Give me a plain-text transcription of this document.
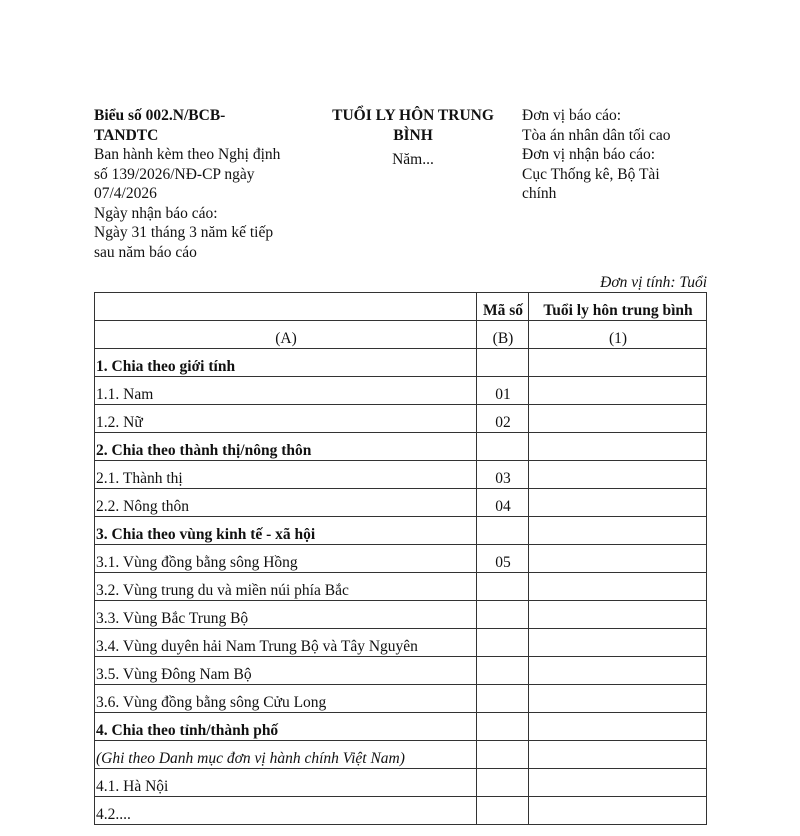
Biểu số 002.N/BCB-
TANDTC
Ban hành kèm theo Nghị định
số 139/2026/NĐ-CP ngày
07/4/2026
Ngày nhận báo cáo:
Ngày 31 tháng 3 năm kế tiếp
sau năm báo cáo
TUỔI LY HÔN TRUNG
BÌNH
Năm...
Đơn vị báo cáo:
Tòa án nhân dân tối cao
Đơn vị nhận báo cáo:
Cục Thống kê, Bộ Tài
chính
Đơn vị tính: Tuổi
	Mã số	Tuổi ly hôn trung bình
(A)	(B)	(1)
1. Chia theo giới tính		
1.1. Nam	01	
1.2. Nữ	02	
2. Chia theo thành thị/nông thôn		
2.1. Thành thị	03	
2.2. Nông thôn	04	
3. Chia theo vùng kinh tế - xã hội		
3.1. Vùng đồng bằng sông Hồng	05	
3.2. Vùng trung du và miền núi phía Bắc		
3.3. Vùng Bắc Trung Bộ		
3.4. Vùng duyên hải Nam Trung Bộ và Tây Nguyên		
3.5. Vùng Đông Nam Bộ		
3.6. Vùng đồng bằng sông Cửu Long		
4. Chia theo tỉnh/thành phố		
(Ghi theo Danh mục đơn vị hành chính Việt Nam)		
4.1. Hà Nội		
4.2....		
